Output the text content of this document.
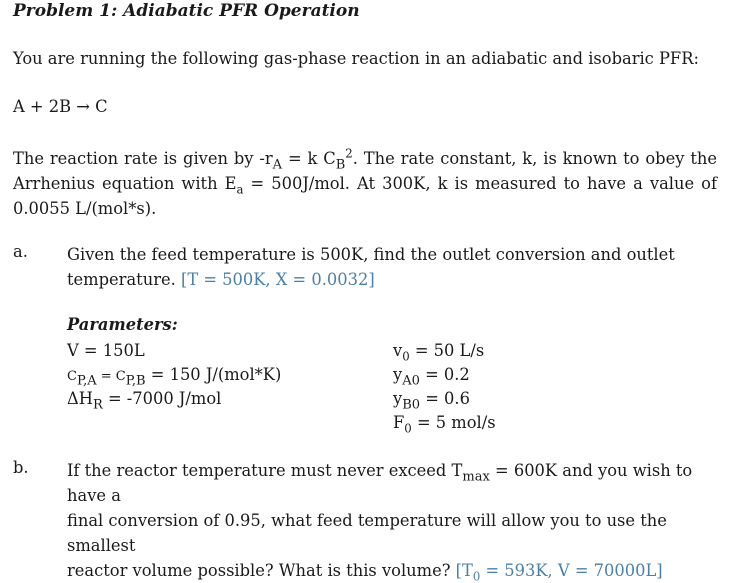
Problem 1: Adiabatic PFR Operation
You are running the following gas-phase reaction in an adiabatic and isobaric PFR:
A + 2B → C
The reaction rate is given by $-r_A = k$ $C_B^2$. The rate constant, k, is known to obey the Arrhenius equation with $E_a = 500J/mol$. At 300K, k is measured to have a value of 0.0055 L/(mol*s).
a. Given the feed temperature is 500K, find the outlet conversion and outlet
temperature. [T = 500K, X = 0.0032]
Parameters:
V = 150L
$C_{P,A} = C_{P,B} = 150$ J/(mol*K)
$\Delta H_R = -7000$ J/mol
$v_0 = 50$ L/s
$y_{A0} = 0.2$
$y_{B0} = 0.6$
$F_0 = 5$ mol/s
b. If the reactor temperature must never exceed $T_{max} = 600K$ and you wish to have a
final conversion of 0.95, what feed temperature will allow you to use the smallest
reactor volume possible? What is this volume? [$T_0 = 593K$, V = 70000L]
